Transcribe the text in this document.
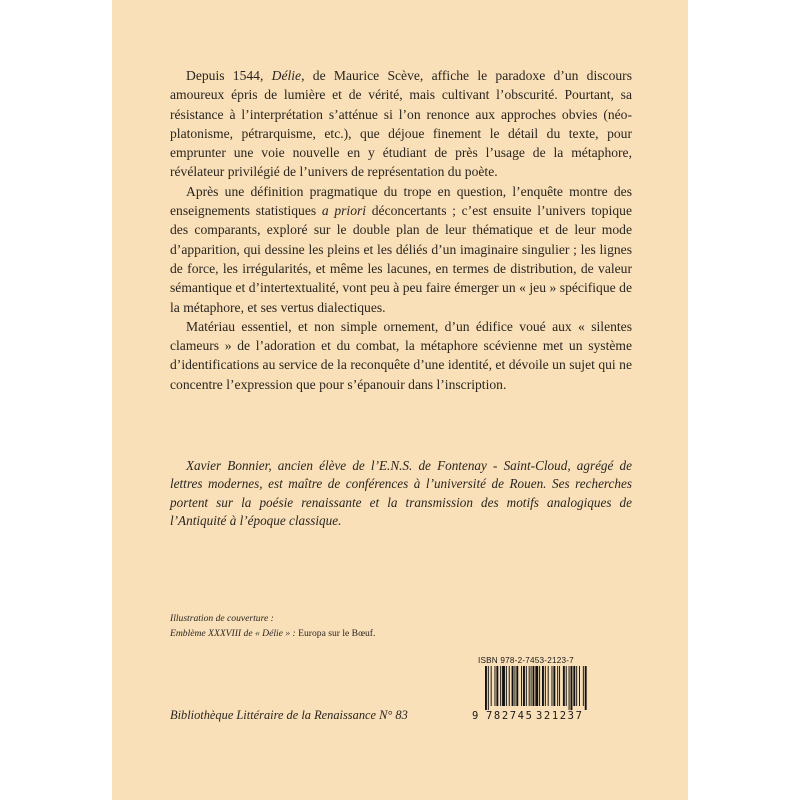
Depuis 1544, Délie, de Maurice Scève, affiche le paradoxe d’un discours amoureux épris de lumière et de vérité, mais cultivant l’obscurité. Pourtant, sa résistance à l’interprétation s’atténue si l’on renonce aux approches obvies (néo-platonisme, pétrarquisme, etc.), que déjoue finement le détail du texte, pour emprunter une voie nouvelle en y étudiant de près l’usage de la métaphore, révélateur privilégié de l’univers de représentation du poète.

Après une définition pragmatique du trope en question, l’enquête montre des enseignements statistiques a priori déconcertants ; c’est ensuite l’univers topique des comparants, exploré sur le double plan de leur thématique et de leur mode d’apparition, qui dessine les pleins et les déliés d’un imaginaire singulier ; les lignes de force, les irrégularités, et même les lacunes, en termes de distribution, de valeur sémantique et d’intertextualité, vont peu à peu faire émerger un « jeu » spécifique de la métaphore, et ses vertus dialectiques.

Matériau essentiel, et non simple ornement, d’un édifice voué aux « silentes clameurs » de l’adoration et du combat, la métaphore scévienne met un système d’identifications au service de la reconquête d’une identité, et dévoile un sujet qui ne concentre l’expression que pour s’épanouir dans l’inscription.

Xavier Bonnier, ancien élève de l’E.N.S. de Fontenay - Saint-Cloud, agrégé de lettres modernes, est maître de conférences à l’université de Rouen. Ses recherches portent sur la poésie renaissante et la transmission des motifs analogiques de l’Antiquité à l’époque classique.
Illustration de couverture :
Emblème XXXVIII de « Délie » : Europa sur le Bœuf.
Bibliothèque Littéraire de la Renaissance N° 83
ISBN 978-2-7453-2123-7
9 782745 321237
